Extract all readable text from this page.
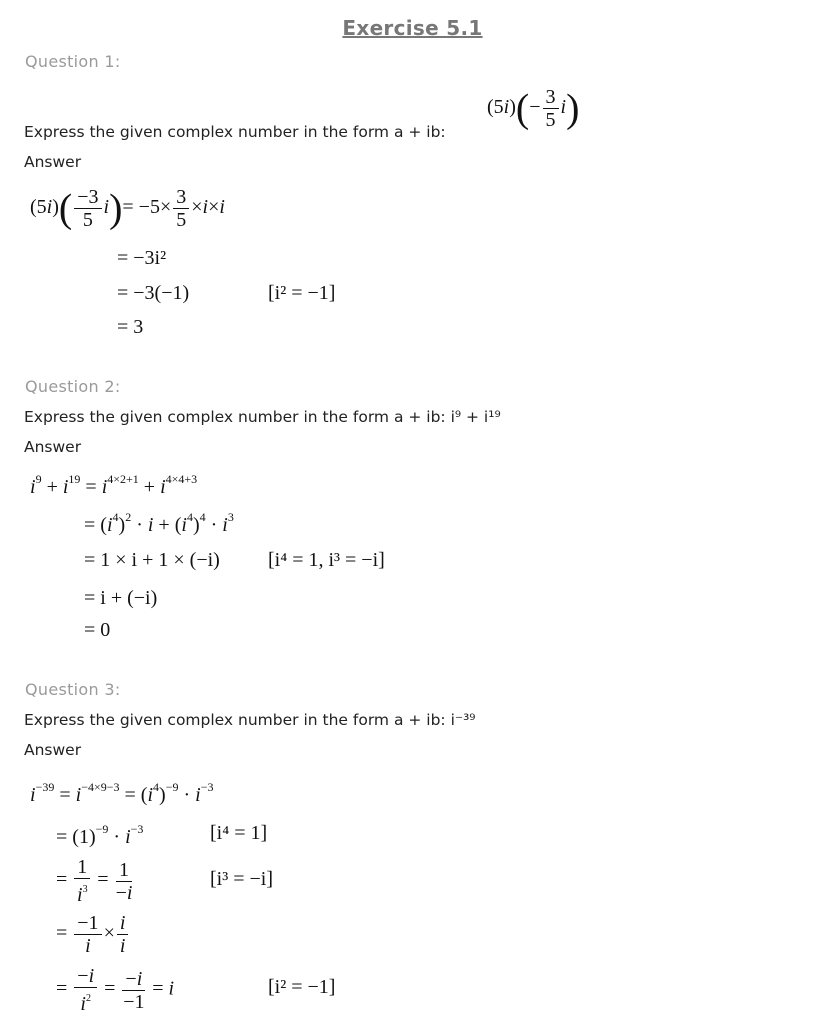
Exercise 5.1
Question 1:
Express the given complex number in the form a + ib:
$(5i)(- \frac{3}{5} i)$
Answer
$(5i)( \frac{-3}{5} i)= -5\times \frac{3}{5} \times i\times i$
= −3i²
= −3(−1)	[i² = −1]
= 3
Question 2:
Express the given complex number in the form a + ib: i⁹ + i¹⁹
Answer
$i^9 + i^{19} = i^{4\times 2+1} + i^{4\times 4+3}$
= $(i^4)^2 \cdot i + (i^4)^4 \cdot i^3$
= 1 × i + 1 × (−i) [i⁴ = 1, i³ = −i]
= i + (−i)
= 0
Question 3:
Express the given complex number in the form a + ib: i⁻³⁹
Answer
$i^{-39} = i^{-4\times 9-3} = (i^4)^{-9} \cdot i^{-3}$
= $(1)^{-9} \cdot i^{-3}$	[i⁴ = 1]
= $\frac{1}{i^3} = \frac{1}{-i}$	[i³ = −i]
= $\frac{-1}{i} \times \frac{i}{i}$
= $\frac{-i}{i^2} = \frac{-i}{-1} = i$	[i² = −1]
